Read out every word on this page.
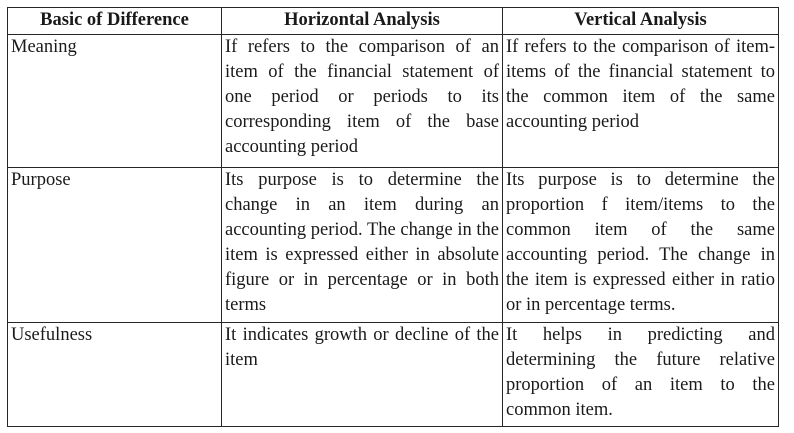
Basic of Difference	Horizontal Analysis	Vertical Analysis
Meaning	If refers to the comparison of an item of the financial statement of one period or periods to its corresponding item of the base accounting period	If refers to the comparison of item-items of the financial statement to the common item of the same accounting period
Purpose	Its purpose is to determine the change in an item during an accounting period. The change in the item is expressed either in absolute figure or in percentage or in both terms	Its purpose is to determine the proportion f item/items to the common item of the same accounting period. The change in the item is expressed either in ratio or in percentage terms.
Usefulness	It indicates growth or decline of the item	It helps in predicting and determining the future relative proportion of an item to the common item.
